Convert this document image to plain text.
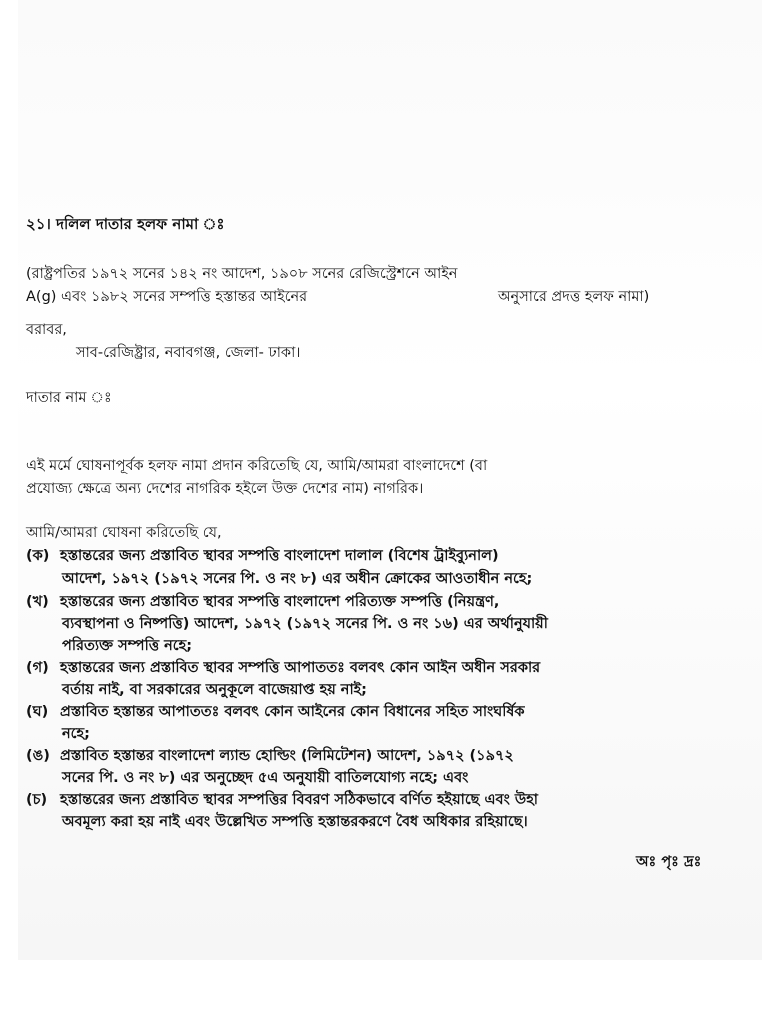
২১। দলিল দাতার হলফ নামা ঃ
(রাষ্ট্রপতির ১৯৭২ সনের ১৪২ নং আদেশ, ১৯০৮ সনের রেজিস্ট্রেশনে আইন
A(g) এবং ১৯৮২ সনের সম্পত্তি হস্তান্তর আইনের	অনুসারে প্রদত্ত হলফ নামা)
বরাবর,
সাব-রেজিষ্ট্রার, নবাবগঞ্জ, জেলা- ঢাকা।
দাতার নাম ঃ
এই মর্মে ঘোষনাপূর্বক হলফ নামা প্রদান করিতেছি যে, আমি/আমরা বাংলাদেশে (বা
প্রযোজ্য ক্ষেত্রে অন্য দেশের নাগরিক হইলে উক্ত দেশের নাম) নাগরিক।
আমি/আমরা ঘোষনা করিতেছি যে,
(ক) হস্তান্তরের জন্য প্রস্তাবিত স্থাবর সম্পত্তি বাংলাদেশ দালাল (বিশেষ ট্রাইব্যুনাল)
আদেশ, ১৯৭২ (১৯৭২ সনের পি. ও নং ৮) এর অধীন ক্রোকের আওতাধীন নহে;
(খ) হস্তান্তরের জন্য প্রস্তাবিত স্থাবর সম্পত্তি বাংলাদেশ পরিত্যক্ত সম্পত্তি (নিয়ন্ত্রণ,
ব্যবস্থাপনা ও নিষ্পত্তি) আদেশ, ১৯৭২ (১৯৭২ সনের পি. ও নং ১৬) এর অর্থানুযায়ী
পরিত্যক্ত সম্পত্তি নহে;
(গ) হস্তান্তরের জন্য প্রস্তাবিত স্থাবর সম্পত্তি আপাততঃ বলবৎ কোন আইন অধীন সরকার
বর্তায় নাই, বা সরকারের অনুকূলে বাজেয়াপ্ত হয় নাই;
(ঘ) প্রস্তাবিত হস্তান্তর আপাততঃ বলবৎ কোন আইনের কোন বিধানের সহিত সাংঘর্ষিক
নহে;
(ঙ) প্রস্তাবিত হস্তান্তর বাংলাদেশ ল্যান্ড হোল্ডিং (লিমিটেশন) আদেশ, ১৯৭২ (১৯৭২
সনের পি. ও নং ৮) এর অনুচ্ছেদ ৫এ অনুযায়ী বাতিলযোগ্য নহে; এবং
(চ) হস্তান্তরের জন্য প্রস্তাবিত স্থাবর সম্পত্তির বিবরণ সঠিকভাবে বর্ণিত হইয়াছে এবং উহা
অবমূল্য করা হয় নাই এবং উল্লেখিত সম্পত্তি হস্তান্তরকরণে বৈধ অধিকার রহিয়াছে।
অঃ পৃঃ দ্রঃ
